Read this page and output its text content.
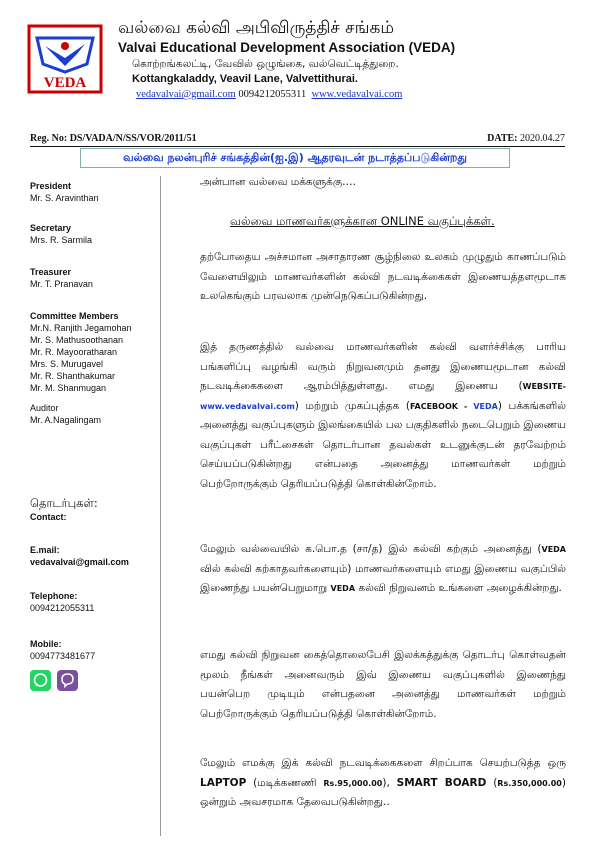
VEDA

வல்வை கல்வி அபிவிருத்திச் சங்கம்

Valvai Educational Development Association (VEDA)

கொற்றங்கலட்டி, வேவில் ஒழுங்கை, வல்வெட்டித்துறை.

Kottangkaladdy, Veavil Lane, Valvettithurai.

vedavalvai@gmail.com 0094212055311 www.vedavalvai.com

Reg. No: DS/VADA/N/SS/VOR/2011/51	DATE: 2020.04.27
வல்வை நலன்புரிச் சங்கத்தின்(ஐ.இ) ஆதரவுடன் நடாத்தப்படுகின்றது

President

Mr. S. Aravinthan

Secretary

Mrs. R. Sarmila

Treasurer

Mr. T. Pranavan

Committee Members

Mr.N. Ranjith Jegamohan

Mr. S. Mathusoothanan

Mr. R. Mayooratharan

Mrs. S. Murugavel

Mr. R. Shanthakumar

Mr. M. Shanmugan

Auditor

Mr. A.Nagalingam

தொடர்புகள்:

Contact:

E.mail:

vedavalvai@gmail.com

Telephone:

0094212055311

Mobile:

0094773481677

அன்பான வல்வை மக்களுக்கு….

வல்வை மாணவர்களுக்கான ONLINE வகுப்புக்கள்.

தற்போதைய அச்சமான அசாதாரண சூழ்நிலை உலகம் முழுதும் காணப்படும் வேளையிலும் மாணவர்களின் கல்வி நடவடிக்கைகள் இணையத்தளமூடாக உலகெங்கும் பரவலாக முன்நெடுகப்படுகின்றது.

இத் தருணத்தில் வல்வை மாணவர்களின் கல்வி வளர்ச்சிக்கு பாரிய பங்களிப்பு வழங்கி வரும் நிறுவனமும் தனது இணையமூடான கல்வி நடவடிக்கைகளை ஆரம்பித்துள்ளது. எமது இணைய (WEBSITE- www.vedavalvai.com) மற்றும் முகப்புத்தக (FACEBOOK - VEDA) பக்கங்களில் அனைத்து வகுப்புகளும் இலங்கையில் பல பகுதிகளில் நடைபெறும் இணைய வகுப்புகள் பரீட்சைகள் தொடர்பான தவல்கள் உடனுக்குடன் தரவேற்றம் செய்யப்படுகின்றது என்பதை அனைத்து மாணவர்கள் மற்றும் பெற்றோருக்கும் தெரியப்படுத்தி கொள்கின்றோம்.

மேலும் வல்வையில் க.பொ.த (சா/த) இல் கல்வி கற்கும் அனைத்து (VEDA வில் கல்வி கற்காதவர்களையும்) மாணவர்களையும் எமது இணைய வகுப்பில் இணைந்து பயன்பெறுமாறு VEDA கல்வி நிறுவனம் உங்களை அழைக்கின்றது.

எமது கல்வி நிறுவன கைத்தொலைபேசி இலக்கத்துக்கு தொடர்பு கொள்வதன் மூலம் நீங்கள் அனைவரும் இவ் இணைய வகுப்புகளில் இணைந்து பயன்பெற முடியும் என்பதனை அனைத்து மாணவர்கள் மற்றும் பெற்றோருக்கும் தெரியப்படுத்தி கொள்கின்றோம்.

மேலும் எமக்கு இக் கல்வி நடவடிக்கைகளை சிறப்பாக செயற்படுத்த ஒரு LAPTOP (மடிக்கணணி Rs.95,000.00), SMART BOARD (Rs.350,000.00) ஒன்றும் அவசரமாக தேவைபடுகின்றது..
